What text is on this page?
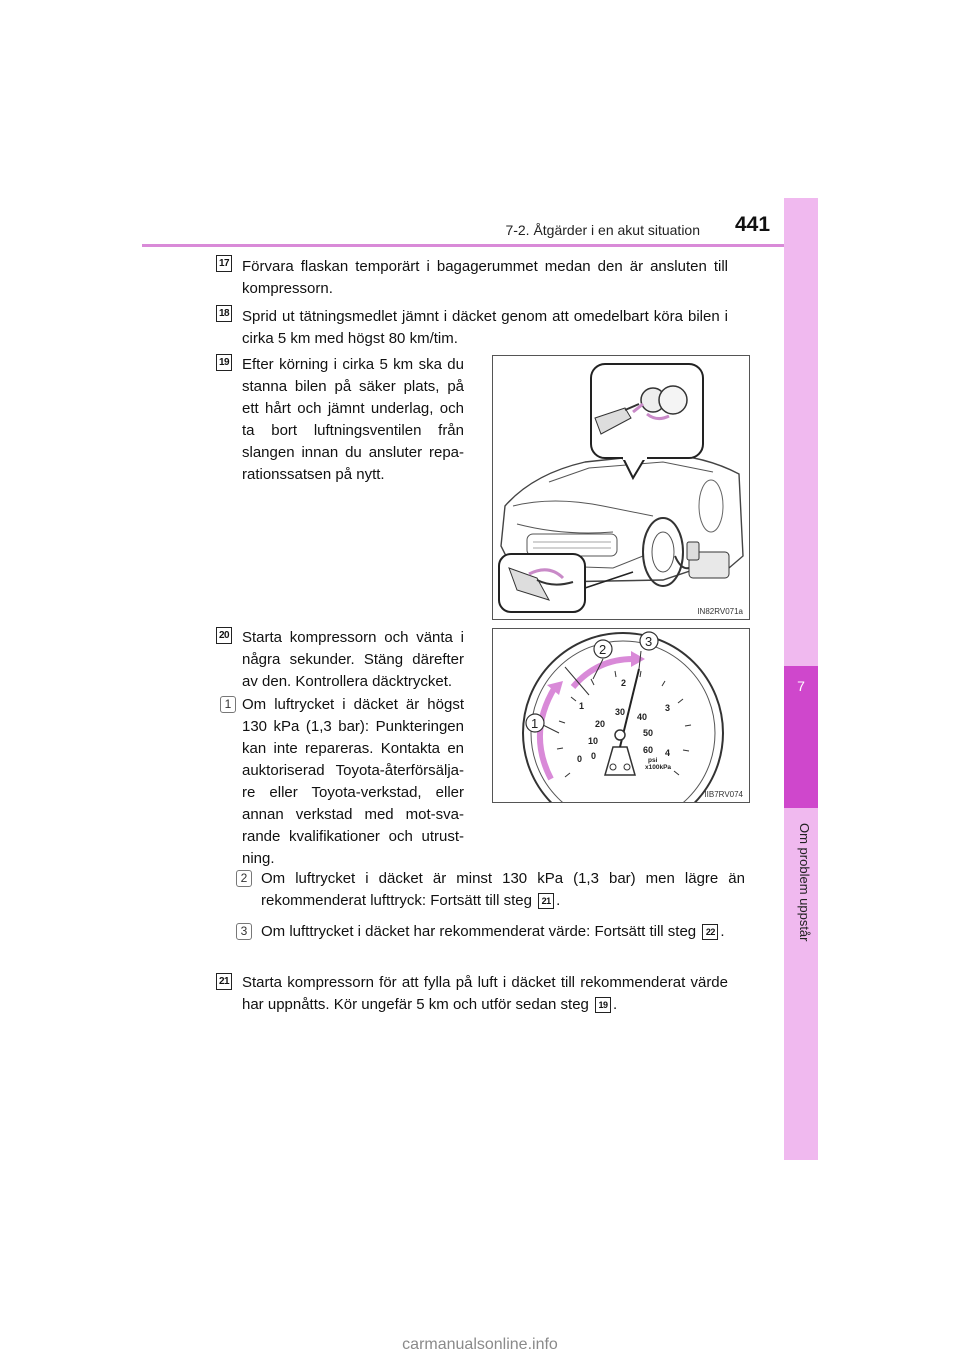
7-2. Åtgärder i en akut situation 441
7
Om problem uppstår
17 Förvara flaskan temporärt i bagagerummet medan den är ansluten till kompressorn.
18 Sprid ut tätningsmedlet jämnt i däcket genom att omedelbart köra bilen i cirka 5 km med högst 80 km/tim.
19 Efter körning i cirka 5 km ska du stanna bilen på säker plats, på ett hårt och jämnt underlag, och ta bort luftningsventilen från slangen innan du ansluter repa-rationssatsen på nytt.
IN82RV071a
20 Starta kompressorn och vänta i några sekunder. Stäng därefter av den. Kontrollera däcktrycket.
1 Om luftrycket i däcket är högst 130 kPa (1,3 bar): Punkteringen kan inte repareras. Kontakta en auktoriserad Toyota-återförsälja-re eller Toyota-verkstad, eller annan verkstad med mot-sva-rande kvalifikationer och utrust-ning.
0
10
20
30 40
50
60
0
1
2
3
4
psi
x100kPa
1
2
3
IIB7RV074
2 Om luftrycket i däcket är minst 130 kPa (1,3 bar) men lägre än rekommenderat lufttryck: Fortsätt till steg 21 .
3 Om lufttrycket i däcket har rekommenderat värde: Fortsätt till steg 22 .
21 Starta kompressorn för att fylla på luft i däcket till rekommenderat värde har uppnåtts. Kör ungefär 5 km och utför sedan steg 19 .
carmanualsonline.info
